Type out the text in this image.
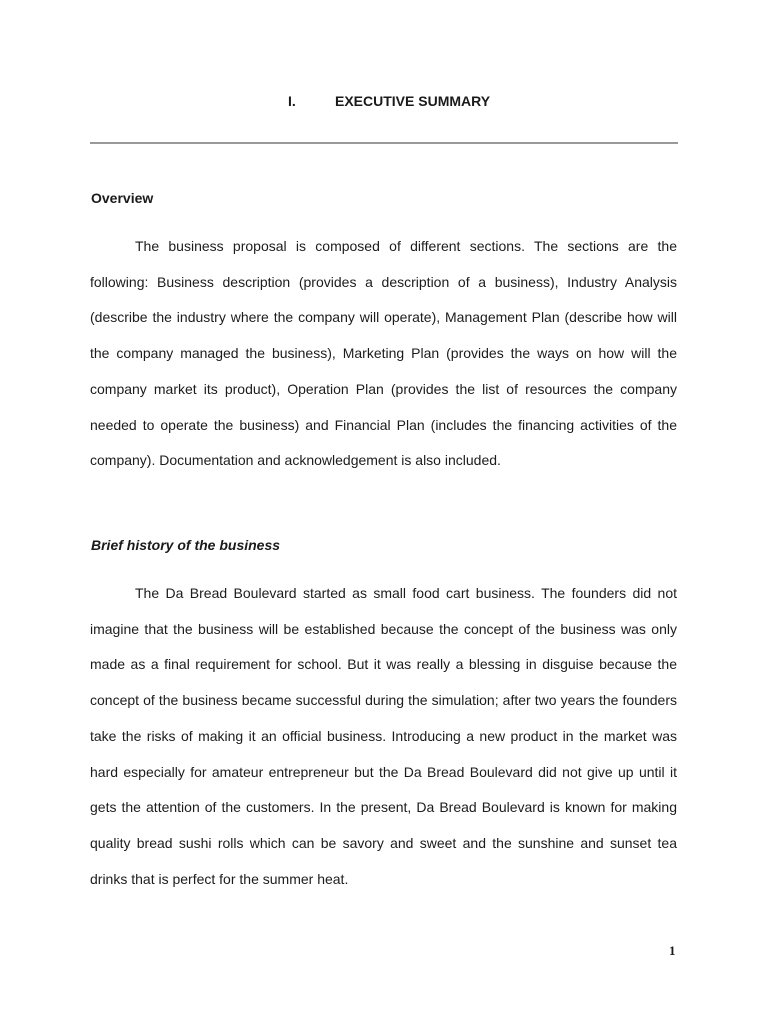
I.	EXECUTIVE SUMMARY
Overview

The business proposal is composed of different sections. The sections are the following: Business description (provides a description of a business), Industry Analysis (describe the industry where the company will operate), Management Plan (describe how will the company managed the business), Marketing Plan (provides the ways on how will the company market its product), Operation Plan (provides the list of resources the company needed to operate the business) and Financial Plan (includes the financing activities of the company). Documentation and acknowledgement is also included.

Brief history of the business

The Da Bread Boulevard started as small food cart business. The founders did not imagine that the business will be established because the concept of the business was only made as a final requirement for school. But it was really a blessing in disguise because the concept of the business became successful during the simulation; after two years the founders take the risks of making it an official business. Introducing a new product in the market was hard especially for amateur entrepreneur but the Da Bread Boulevard did not give up until it gets the attention of the customers. In the present, Da Bread Boulevard is known for making quality bread sushi rolls which can be savory and sweet and the sunshine and sunset tea drinks that is perfect for the summer heat.

1
